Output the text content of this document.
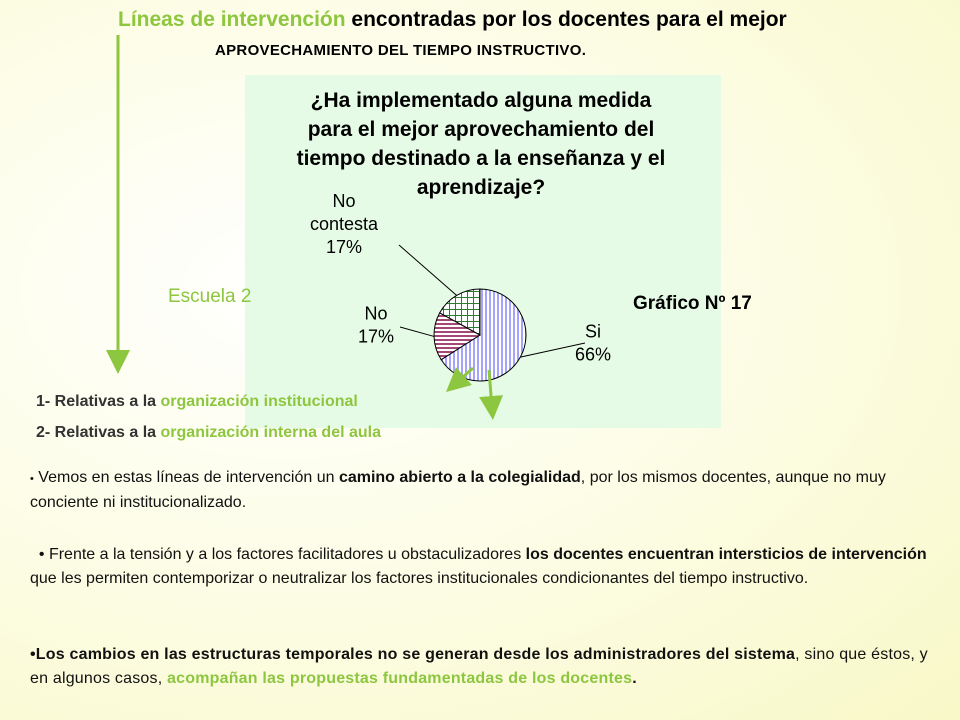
Líneas de intervención encontradas por los docentes para el mejor
APROVECHAMIENTO DEL TIEMPO INSTRUCTIVO.
¿Ha implementado alguna medida
para el mejor aprovechamiento del
tiempo destinado a la enseñanza y el
aprendizaje?
Si
66%
No
17%
No
contesta
17%
Escuela 2	Gráfico Nº 17
1- Relativas a la organización institucional
2- Relativas a la organización interna del aula
• Vemos en estas líneas de intervención un camino abierto a la colegialidad, por los mismos docentes, aunque no muy conciente ni institucionalizado.
• Frente a la tensión y a los factores facilitadores u obstaculizadores los docentes encuentran intersticios de intervención que les permiten contemporizar o neutralizar los factores institucionales condicionantes del tiempo instructivo.
•Los cambios en las estructuras temporales no se generan desde los administradores del sistema, sino que éstos, y en algunos casos, acompañan las propuestas fundamentadas de los docentes.
